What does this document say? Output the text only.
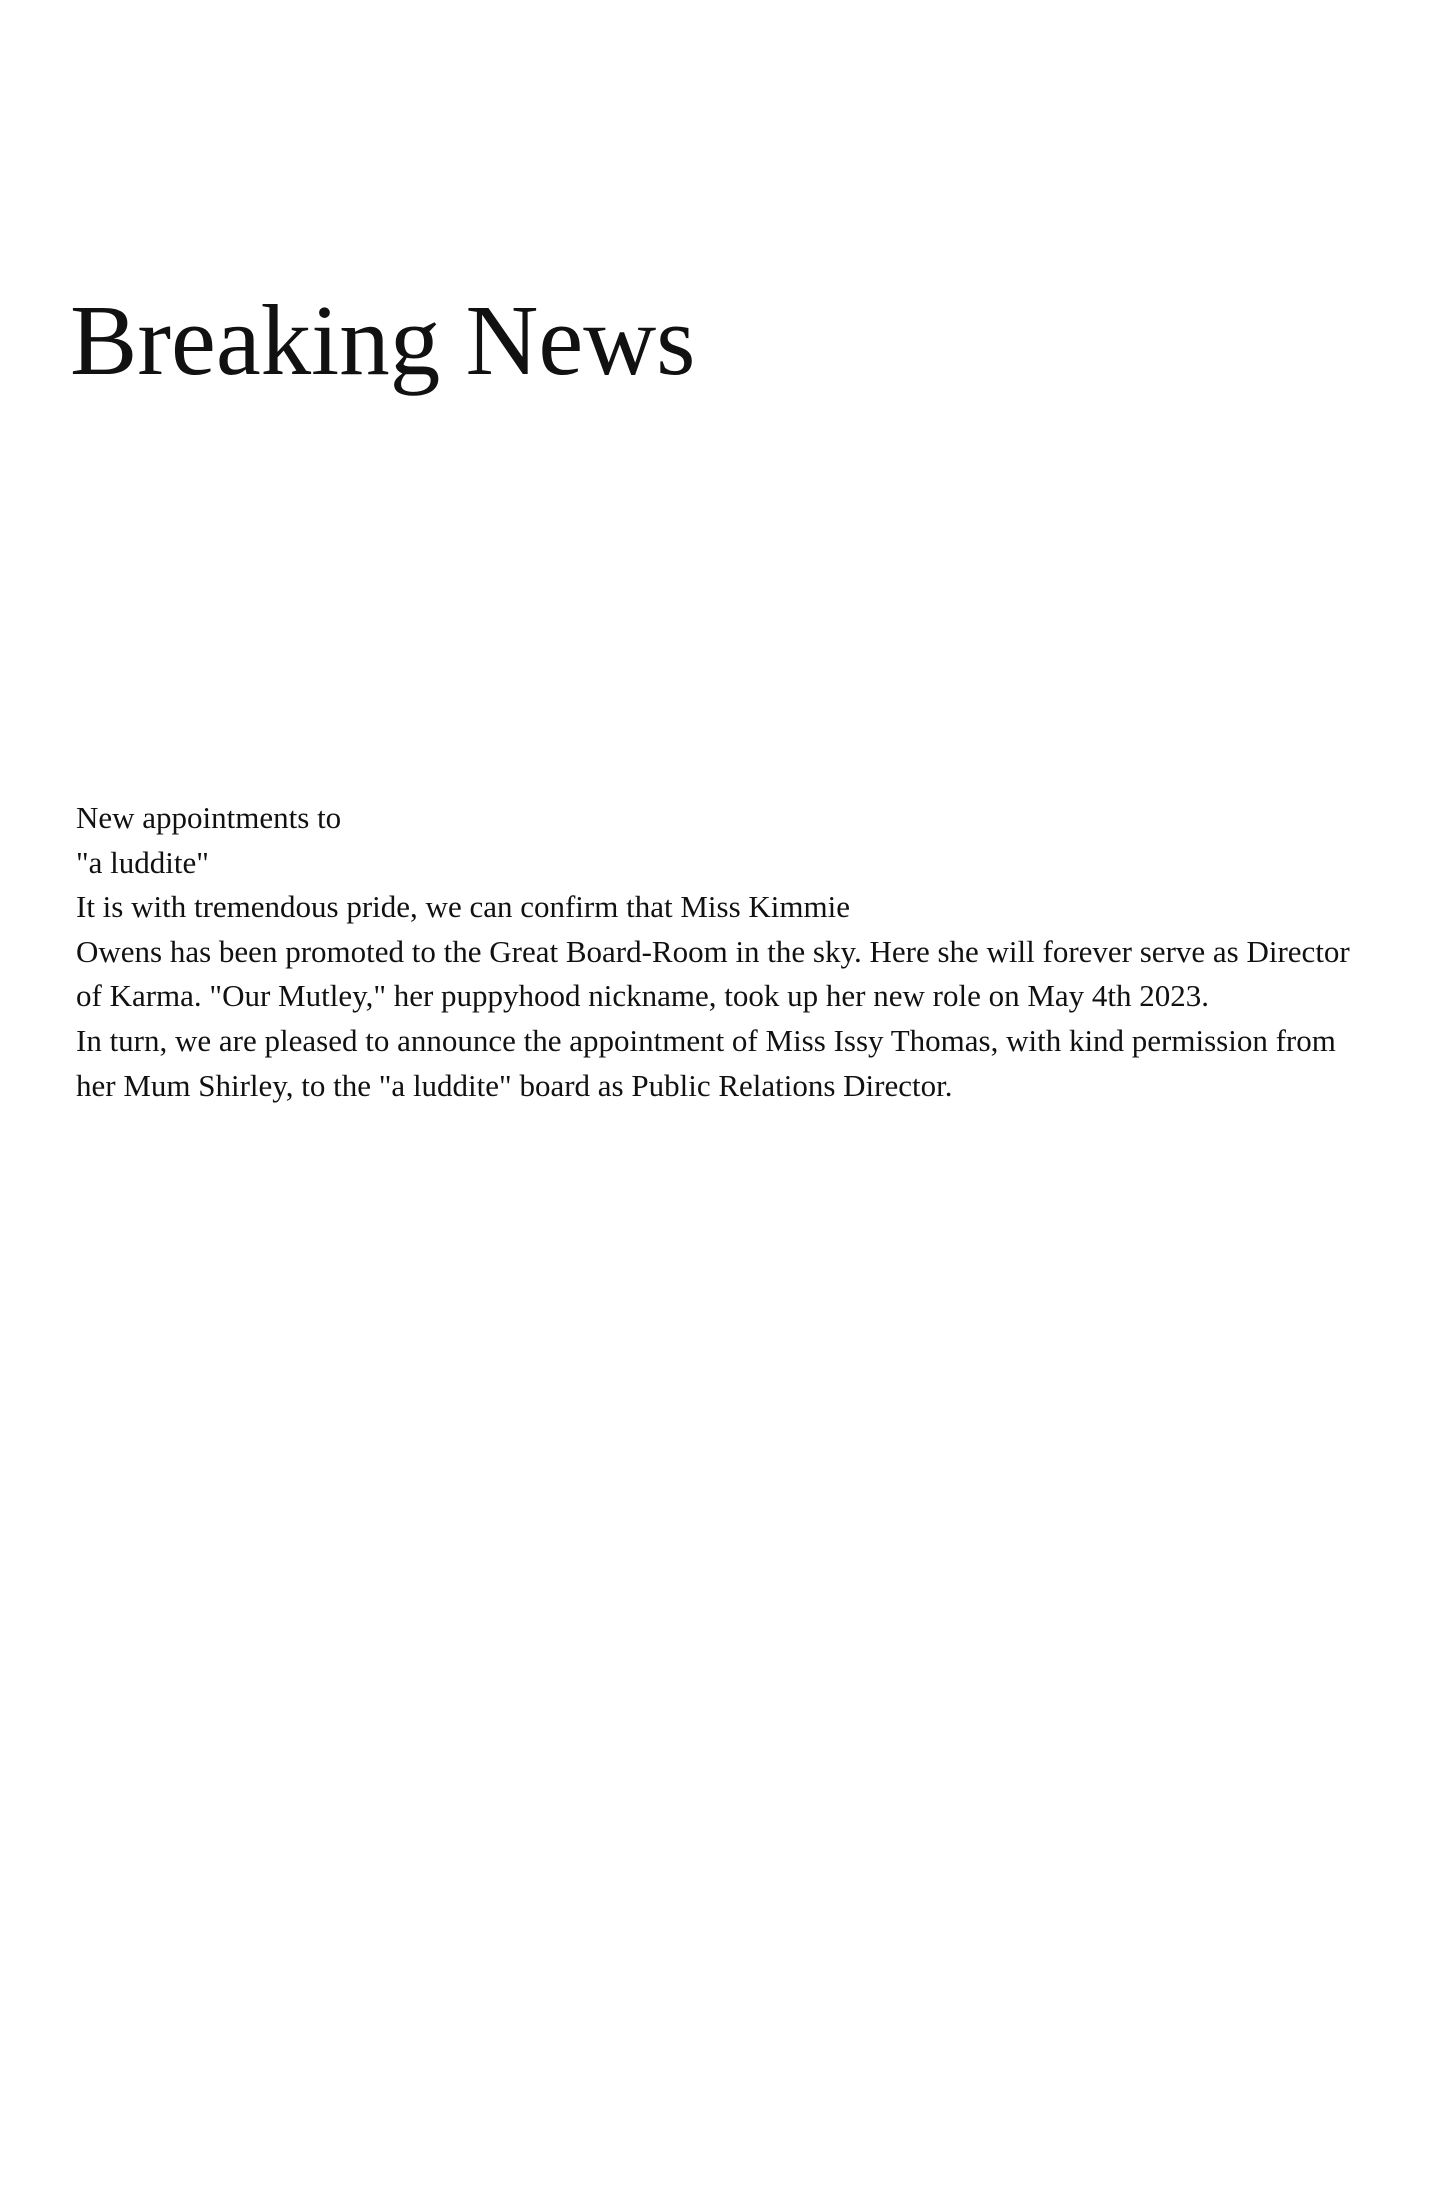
Breaking News

New appointments to

"a luddite"

It is with tremendous pride, we can confirm that Miss Kimmie
Owens has been promoted to the Great Board-Room in the sky. Here she will forever serve as Director of Karma. "Our Mutley," her puppyhood nickname, took up her new role on May 4th 2023.

In turn, we are pleased to announce the appointment of Miss Issy Thomas, with kind permission from her Mum Shirley, to the "a luddite" board as Public Relations Director.
